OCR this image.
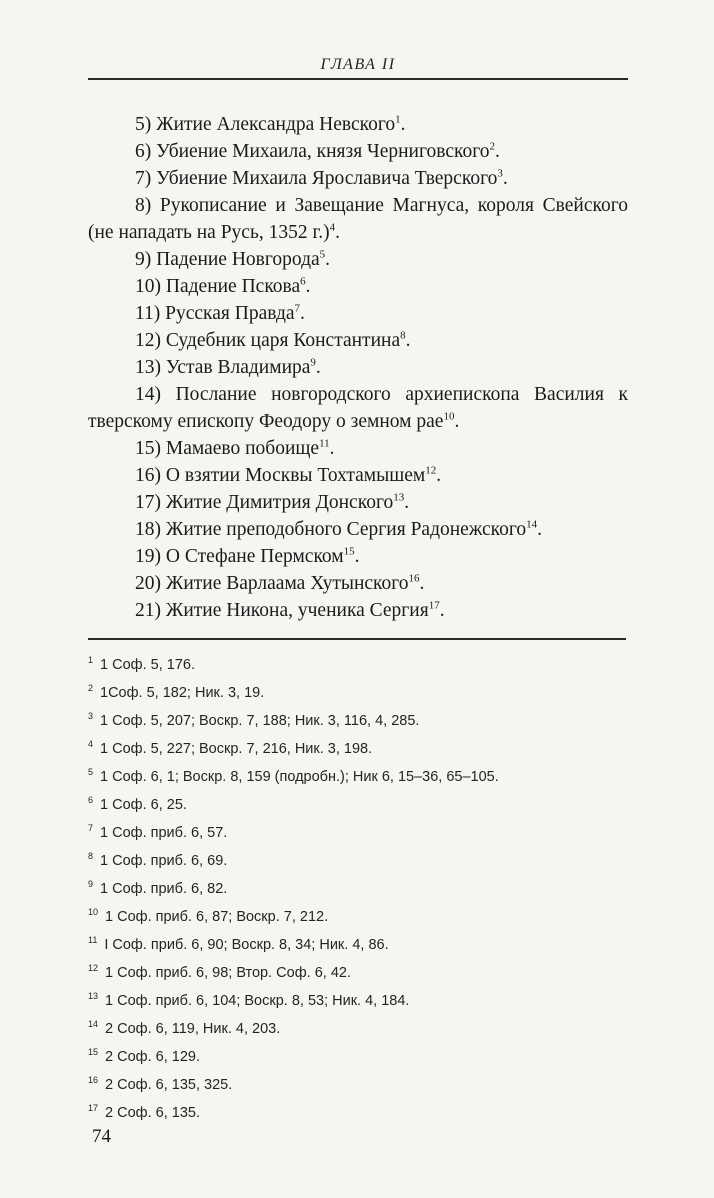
ГЛАВА II

5) Житие Александра Невского$^1$.

6) Убиение Михаила, князя Черниговского$^2$.

7) Убиение Михаила Ярославича Тверского$^3$.

8) Рукописание и Завещание Магнуса, короля Свейского (не нападать на Русь, 1352 г.)$^4$.

9) Падение Новгорода$^5$.

10) Падение Пскова$^6$.

11) Русская Правда$^7$.

12) Судебник царя Константина$^8$.

13) Устав Владимира$^9$.

14) Послание новгородского архиепископа Василия к тверскому епископу Феодору о земном рае$^{10}$.

15) Мамаево побоище$^{11}$.

16) О взятии Москвы Тохтамышем$^{12}$.

17) Житие Димитрия Донского$^{13}$.

18) Житие преподобного Сергия Радонежского$^{14}$.

19) О Стефане Пермском$^{15}$.

20) Житие Варлаама Хутынского$^{16}$.

21) Житие Никона, ученика Сергия$^{17}$.

$^1$ 1 Соф. 5, 176.

$^2$ 1Соф. 5, 182; Ник. 3, 19.

$^3$ 1 Соф. 5, 207; Воскр. 7, 188; Ник. 3, 116, 4, 285.

$^4$ 1 Соф. 5, 227; Воскр. 7, 216, Ник. 3, 198.

$^5$ 1 Соф. 6, 1; Воскр. 8, 159 (подробн.); Ник 6, 15–36, 65–105.

$^6$ 1 Соф. 6, 25.

$^7$ 1 Соф. приб. 6, 57.

$^8$ 1 Соф. приб. 6, 69.

$^9$ 1 Соф. приб. 6, 82.

$^{10}$ 1 Соф. приб. 6, 87; Воскр. 7, 212.

$^{11}$ I Соф. приб. 6, 90; Воскр. 8, 34; Ник. 4, 86.

$^{12}$ 1 Соф. приб. 6, 98; Втор. Соф. 6, 42.

$^{13}$ 1 Соф. приб. 6, 104; Воскр. 8, 53; Ник. 4, 184.

$^{14}$ 2 Соф. 6, 119, Ник. 4, 203.

$^{15}$ 2 Соф. 6, 129.

$^{16}$ 2 Соф. 6, 135, 325.

$^{17}$ 2 Соф. 6, 135.

74
